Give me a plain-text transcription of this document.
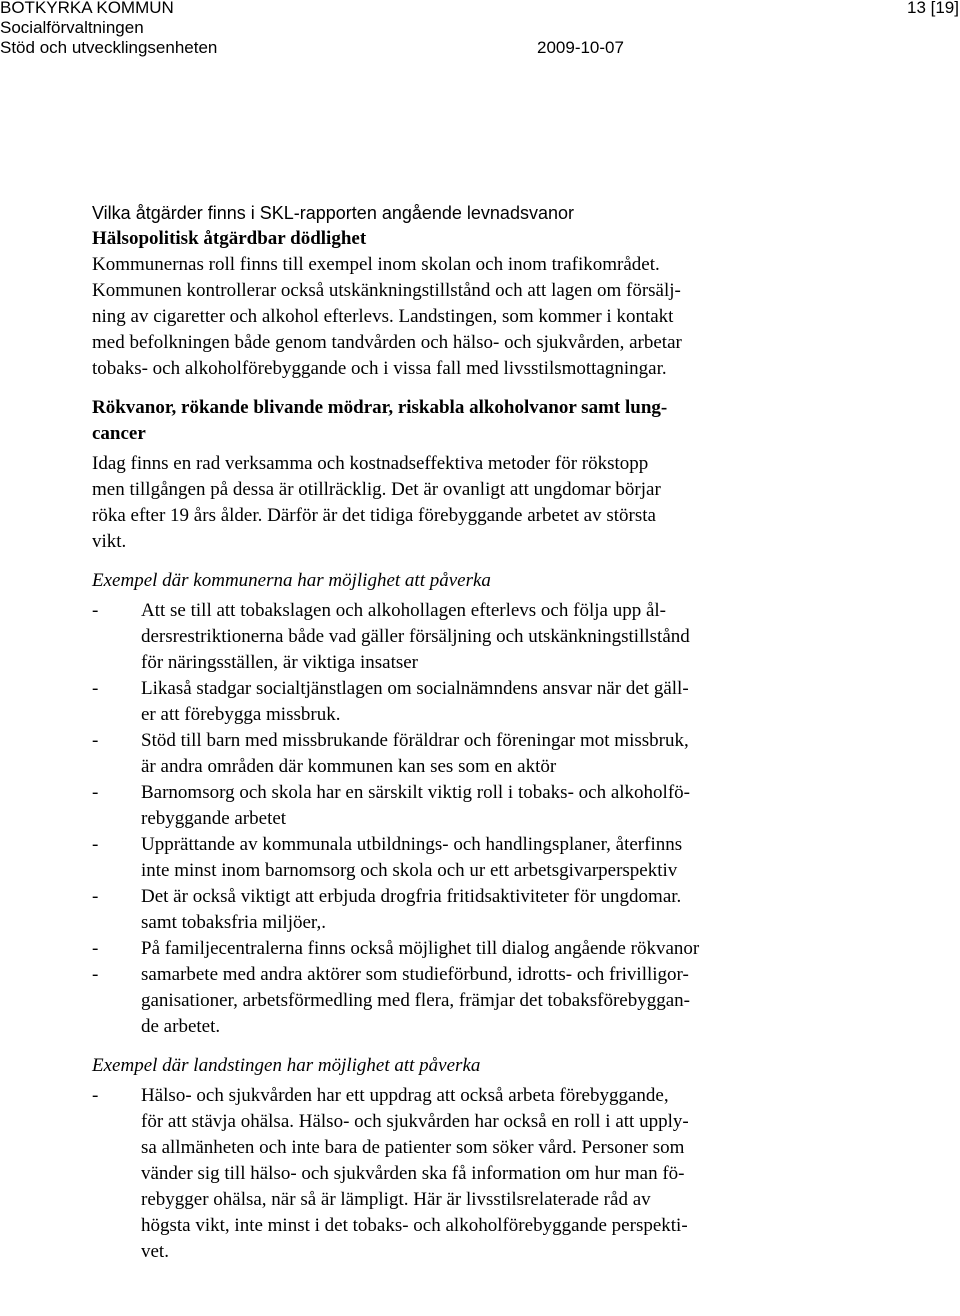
BOTKYRKA KOMMUN
Socialförvaltningen
Stöd och utvecklingsenheten	2009-10-07
13 [19]
Vilka åtgärder finns i SKL-rapporten angående levnadsvanor
Hälsopolitisk åtgärdbar dödlighet
Kommunernas roll finns till exempel inom skolan och inom trafikområdet.
Kommunen kontrollerar också utskänkningstillstånd och att lagen om försälj-
ning av cigaretter och alkohol efterlevs. Landstingen, som kommer i kontakt
med befolkningen både genom tandvården och hälso- och sjukvården, arbetar
tobaks- och alkoholförebyggande och i vissa fall med livsstilsmottagningar.
Rökvanor, rökande blivande mödrar, riskabla alkoholvanor samt lung-
cancer
Idag finns en rad verksamma och kostnadseffektiva metoder för rökstopp
men tillgången på dessa är otillräcklig. Det är ovanligt att ungdomar börjar
röka efter 19 års ålder. Därför är det tidiga förebyggande arbetet av största
vikt.
Exempel där kommunerna har möjlighet att påverka
- Att se till att tobakslagen och alkohollagen efterlevs och följa upp ål-
dersrestriktionerna både vad gäller försäljning och utskänkningstillstånd
för näringsställen, är viktiga insatser
- Likaså stadgar socialtjänstlagen om socialnämndens ansvar när det gäll-
er att förebygga missbruk.
- Stöd till barn med missbrukande föräldrar och föreningar mot missbruk,
är andra områden där kommunen kan ses som en aktör
- Barnomsorg och skola har en särskilt viktig roll i tobaks- och alkoholfö-
rebyggande arbetet
- Upprättande av kommunala utbildnings- och handlingsplaner, återfinns
inte minst inom barnomsorg och skola och ur ett arbetsgivarperspektiv
- Det är också viktigt att erbjuda drogfria fritidsaktiviteter för ungdomar.
samt tobaksfria miljöer,.
- På familjecentralerna finns också möjlighet till dialog angående rökvanor
- samarbete med andra aktörer som studieförbund, idrotts- och frivilligor-
ganisationer, arbetsförmedling med flera, främjar det tobaksförebyggan-
de arbetet.
Exempel där landstingen har möjlighet att påverka
- Hälso- och sjukvården har ett uppdrag att också arbeta förebyggande,
för att stävja ohälsa. Hälso- och sjukvården har också en roll i att upply-
sa allmänheten och inte bara de patienter som söker vård. Personer som
vänder sig till hälso- och sjukvården ska få information om hur man fö-
rebygger ohälsa, när så är lämpligt. Här är livsstilsrelaterade råd av
högsta vikt, inte minst i det tobaks- och alkoholförebyggande perspekti-
vet.
